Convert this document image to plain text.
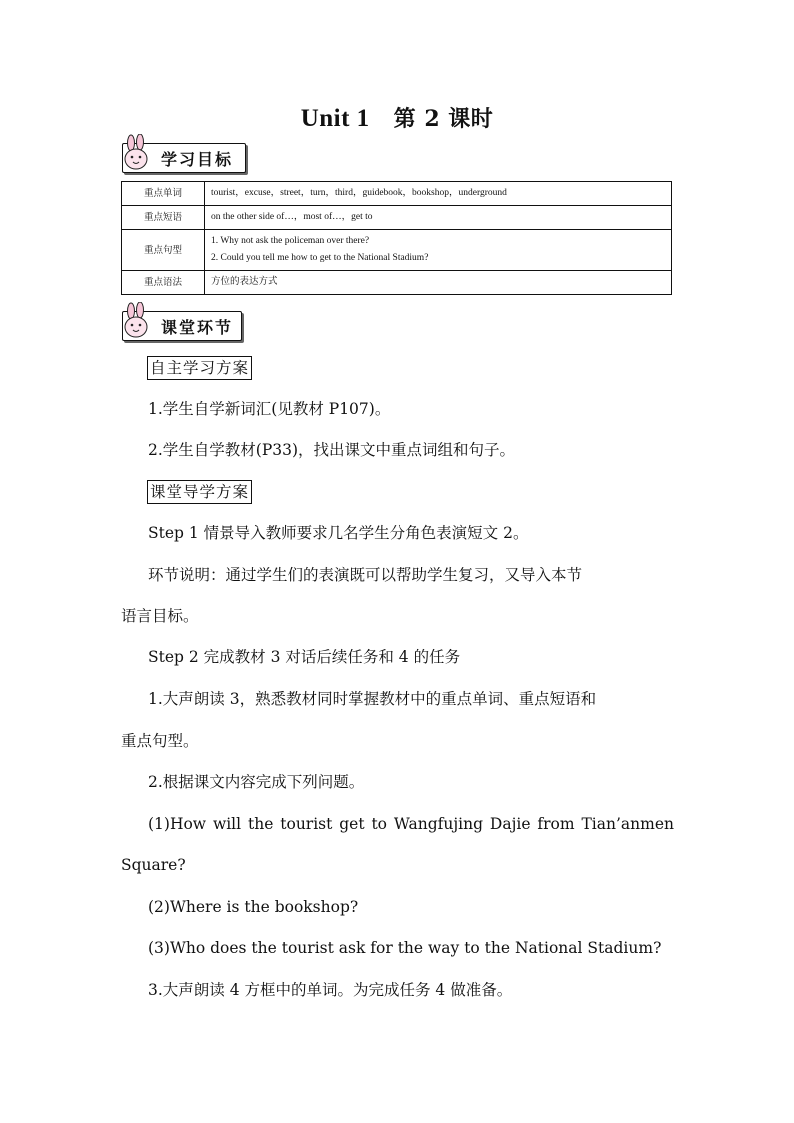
Unit 1 第 2 课时
学习目标
重点单词	tourist，excuse，street，turn，third，guidebook，bookshop，underground

重点短语	on the other side of…，most of…，get to

重点句型	1. Why not ask the policeman over there?
2. Could you tell me how to get to the National Stadium?

重点语法	方位的表达方式
课堂环节
自主学习方案
1.学生自学新词汇(见教材 P107)。
2.学生自学教材(P33)，找出课文中重点词组和句子。
课堂导学方案
Step 1 情景导入教师要求几名学生分角色表演短文 2。
环节说明：通过学生们的表演既可以帮助学生复习，又导入本节
语言目标。
Step 2 完成教材 3 对话后续任务和 4 的任务
1.大声朗读 3，熟悉教材同时掌握教材中的重点单词、重点短语和
重点句型。
2.根据课文内容完成下列问题。
(1)How will the tourist get to Wangfujing Dajie from Tian’anmen
Square?
(2)Where is the bookshop?
(3)Who does the tourist ask for the way to the National Stadium?
3.大声朗读 4 方框中的单词。为完成任务 4 做准备。
